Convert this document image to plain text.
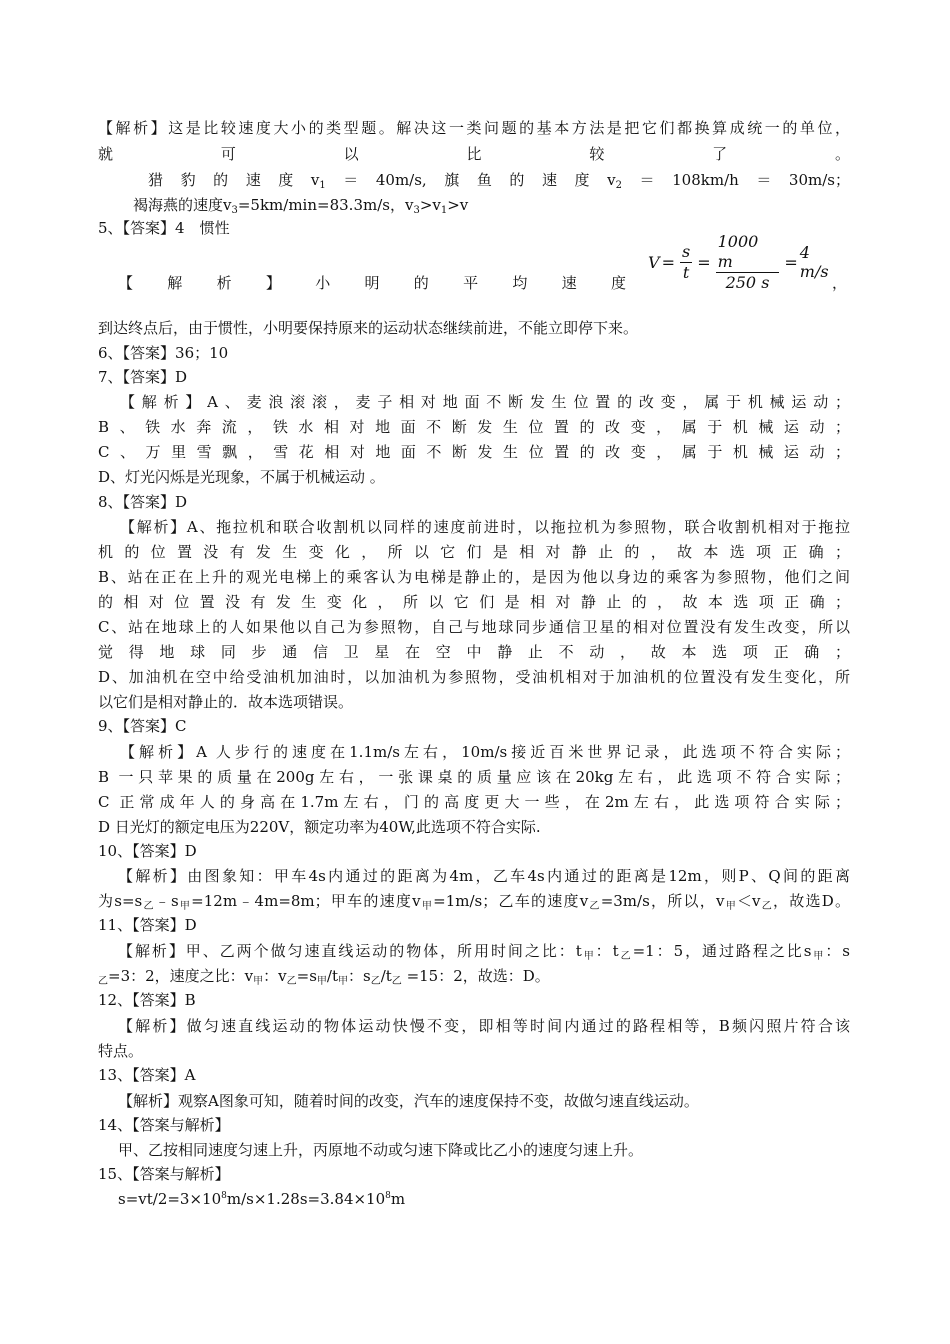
【解析】这是比较速度大小的类型题。解决这一类问题的基本方法是把它们都换算成统一的单位，
就可以比较了。
猎豹的速度$v_1=40m/s$,旗鱼的速度$v_2=108km/h=30m/s$；
褐海燕的速度$v_3=5km/\min=83.3m/s$，$v_3>v_1>v$
5、【答案】4　惯性
【解析】小明的平均速度
$V = \frac{s}{t} = \frac{1000 m}{250 s} = 4$ m/s
，
到达终点后，由于惯性，小明要保持原来的运动状态继续前进，不能立即停下来。
6、【答案】36；10
7、【答案】D
【解析】A、麦浪滚滚，麦子相对地面不断发生位置的改变，属于机械运动；
B、铁水奔流，铁水相对地面不断发生位置的改变，属于机械运动；
C、万里雪飘，雪花相对地面不断发生位置的改变，属于机械运动；
D、灯光闪烁是光现象，不属于机械运动 。
8、【答案】D
【解析】A、拖拉机和联合收割机以同样的速度前进时，以拖拉机为参照物，联合收割机相对于拖拉
机的位置没有发生变化，所以它们是相对静止的，故本选项正确；
B、站在正在上升的观光电梯上的乘客认为电梯是静止的，是因为他以身边的乘客为参照物，他们之间
的相对位置没有发生变化，所以它们是相对静止的，故本选项正确；
C、站在地球上的人如果他以自己为参照物，自己与地球同步通信卫星的相对位置没有发生改变，所以
觉得地球同步通信卫星在空中静止不动，故本选项正确；
D、加油机在空中给受油机加油时，以加油机为参照物，受油机相对于加油机的位置没有发生变化，所
以它们是相对静止的．故本选项错误。
9、【答案】C
【解析】A 人步行的速度在1.1m/s左右，10m/s接近百米世界记录，此选项不符合实际；
B 一只苹果的质量在200g左右，一张课桌的质量应该在20kg左右，此选项不符合实际；
C 正常成年人的身高在1.7m左右，门的高度更大一些，在2m左右，此选项符合实际；
D 日光灯的额定电压为220V，额定功率为40W,此选项不符合实际.
10、【答案】D
【解析】由图象知：甲车4s内通过的距离为4m，乙车4s内通过的距离是12m，则P、Q间的距离
为$s=s_乙﹣s_甲=12m﹣4m=8m$；甲车的速度$v_甲=1m/s$；乙车的速度$v_乙=3m/s$，所以，$v_甲<v_乙$，故选D。
11、【答案】D
【解析】甲、乙两个做匀速直线运动的物体，所用时间之比：$t_甲$：$t_乙=1$：5，通过路程之比$s_甲$：s
$_乙$=3：2，速度之比：$v_甲$：$v_乙=s_甲/t_甲$：$s_乙/t_乙 =15$：2，故选：D。
12、【答案】B
【解析】做匀速直线运动的物体运动快慢不变，即相等时间内通过的路程相等，B频闪照片符合该
特点。
13、【答案】A
【解析】观察A图象可知，随着时间的改变，汽车的速度保持不变，故做匀速直线运动。
14、【答案与解析】
甲、乙按相同速度匀速上升，丙原地不动或匀速下降或比乙小的速度匀速上升。
15、【答案与解析】
$s=vt/2=3\times 10^8m/s\times 1.28s=3.84\times 10^8m$
